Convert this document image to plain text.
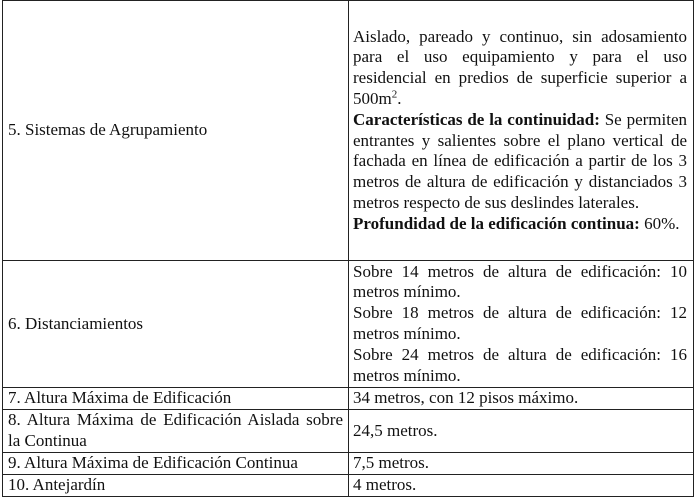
5. Sistemas de Agrupamiento	Aislado, pareado y continuo, sin adosamiento para el uso equipamiento y para el uso residencial en predios de superficie superior a $500m^2$.

Características de la continuidad: Se permiten entrantes y salientes sobre el plano vertical de fachada en línea de edificación a partir de los 3 metros de altura de edificación y distanciados 3 metros respecto de sus deslindes laterales.

Profundidad de la edificación continua: 60%.

6. Distanciamientos	Sobre 14 metros de altura de edificación: 10 metros mínimo.

Sobre 18 metros de altura de edificación: 12 metros mínimo.

Sobre 24 metros de altura de edificación: 16 metros mínimo.

7. Altura Máxima de Edificación	34 metros, con 12 pisos máximo.
8. Altura Máxima de Edificación Aislada sobre la Continua	24,5 metros.
9. Altura Máxima de Edificación Continua	7,5 metros.
10. Antejardín	4 metros.
